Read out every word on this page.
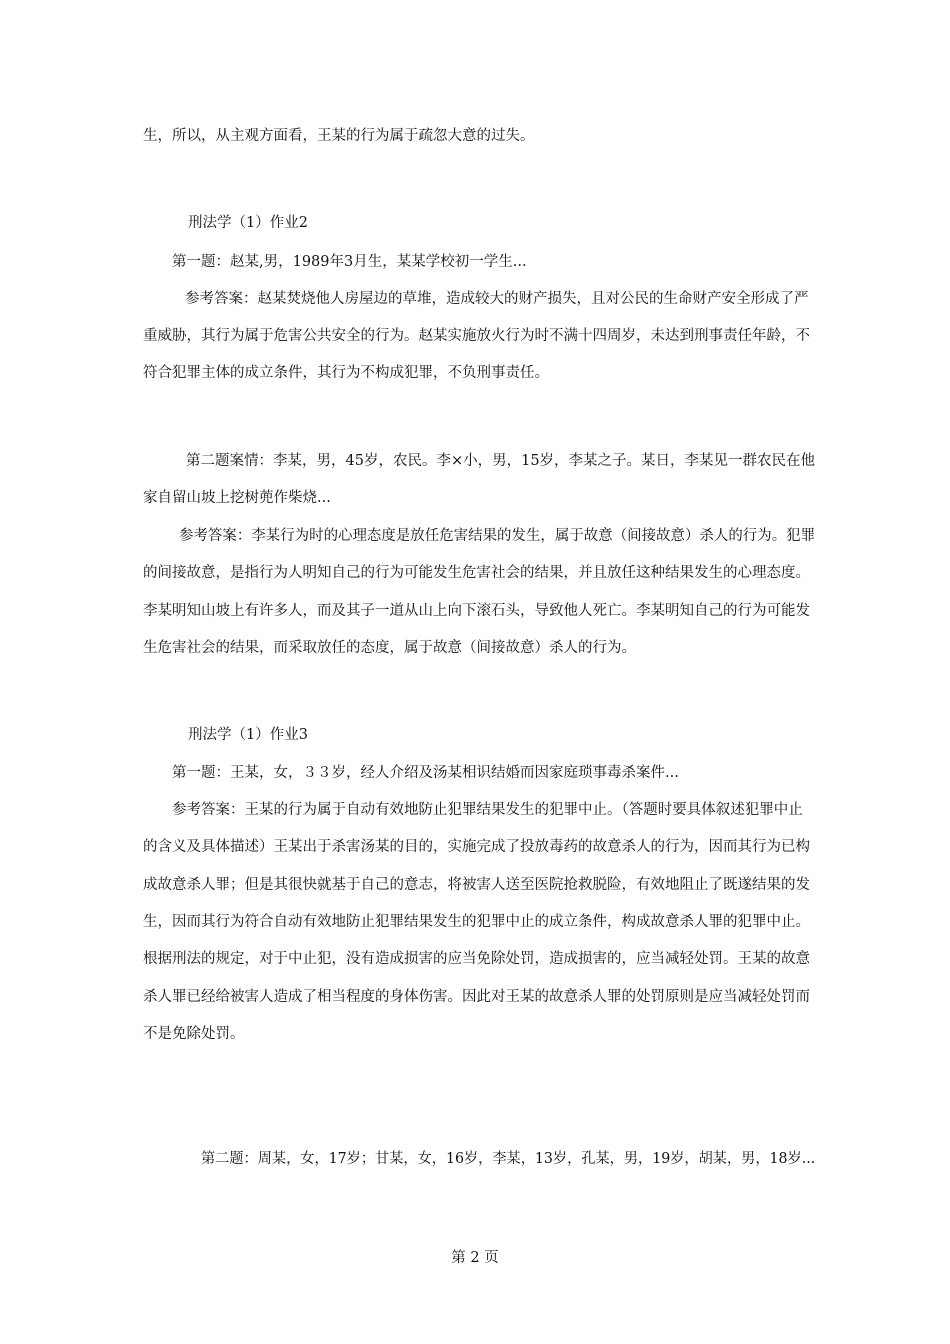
生，所以，从主观方面看，王某的行为属于疏忽大意的过失。
刑法学（1）作业2
第一题：赵某,男，1989年3月生，某某学校初一学生...
参考答案：赵某焚烧他人房屋边的草堆，造成较大的财产损失，且对公民的生命财产安全形成了严
重威胁，其行为属于危害公共安全的行为。赵某实施放火行为时不满十四周岁，未达到刑事责任年龄，不
符合犯罪主体的成立条件，其行为不构成犯罪，不负刑事责任。
第二题案情：李某，男，45岁，农民。李×小，男，15岁，李某之子。某日，李某见一群农民在他
家自留山坡上挖树蔸作柴烧...
参考答案：李某行为时的心理态度是放任危害结果的发生，属于故意（间接故意）杀人的行为。犯罪
的间接故意，是指行为人明知自己的行为可能发生危害社会的结果，并且放任这种结果发生的心理态度。
李某明知山坡上有许多人，而及其子一道从山上向下滚石头，导致他人死亡。李某明知自己的行为可能发
生危害社会的结果，而采取放任的态度，属于故意（间接故意）杀人的行为。
刑法学（1）作业3
第一题：王某，女，３３岁，经人介绍及汤某相识结婚而因家庭琐事毒杀案件...
参考答案：王某的行为属于自动有效地防止犯罪结果发生的犯罪中止。（答题时要具体叙述犯罪中止
的含义及具体描述）王某出于杀害汤某的目的，实施完成了投放毒药的故意杀人的行为，因而其行为已构
成故意杀人罪；但是其很快就基于自己的意志，将被害人送至医院抢救脱险，有效地阻止了既遂结果的发
生，因而其行为符合自动有效地防止犯罪结果发生的犯罪中止的成立条件，构成故意杀人罪的犯罪中止。
根据刑法的规定，对于中止犯，没有造成损害的应当免除处罚，造成损害的，应当减轻处罚。王某的故意
杀人罪已经给被害人造成了相当程度的身体伤害。因此对王某的故意杀人罪的处罚原则是应当减轻处罚而
不是免除处罚。
第二题：周某，女，17岁；甘某，女，16岁，李某，13岁，孔某，男，19岁，胡某，男，18岁...
第 2 页
